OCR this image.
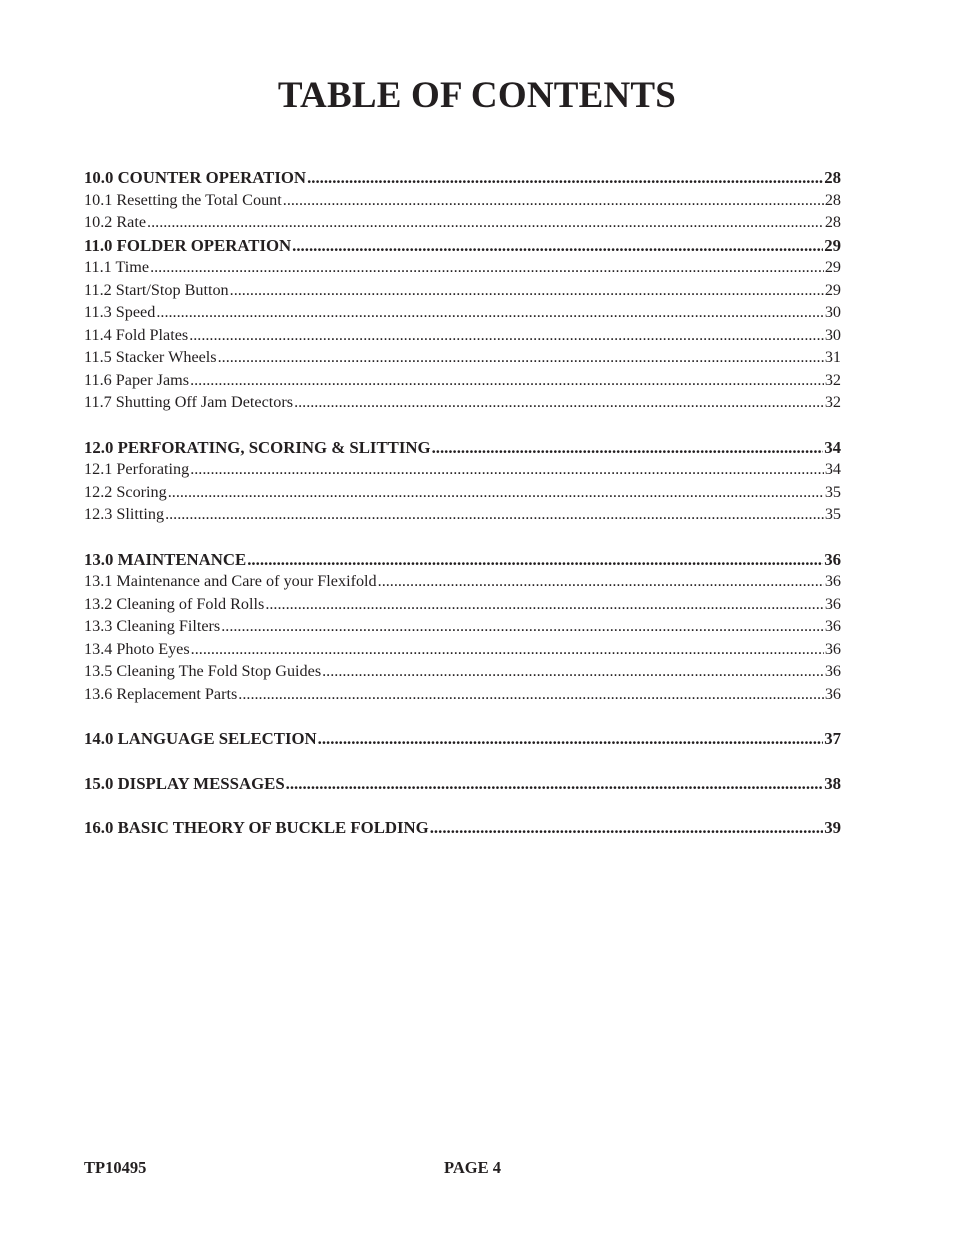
TABLE OF CONTENTS
10.0 COUNTER OPERATION .....	28
10.1 Resetting the Total Count .....	28
10.2 Rate .....	28
11.0 FOLDER OPERATION .....	29
11.1 Time .....	29
11.2 Start/Stop Button .....	29
11.3 Speed .....	30
11.4 Fold Plates .....	30
11.5 Stacker Wheels .....	31
11.6 Paper Jams .....	32
11.7 Shutting Off Jam Detectors .....	32
12.0 PERFORATING, SCORING & SLITTING .....	34
12.1 Perforating .....	34
12.2 Scoring .....	35
12.3 Slitting .....	35
13.0 MAINTENANCE .....	36
13.1 Maintenance and Care of your Flexifold .....	36
13.2 Cleaning of Fold Rolls .....	36
13.3 Cleaning Filters .....	36
13.4 Photo Eyes .....	36
13.5 Cleaning The Fold Stop Guides .....	36
13.6 Replacement Parts .....	36
14.0 LANGUAGE SELECTION .....	37
15.0 DISPLAY MESSAGES .....	38
16.0 BASIC THEORY OF BUCKLE FOLDING .....	39
TP10495	PAGE 4
